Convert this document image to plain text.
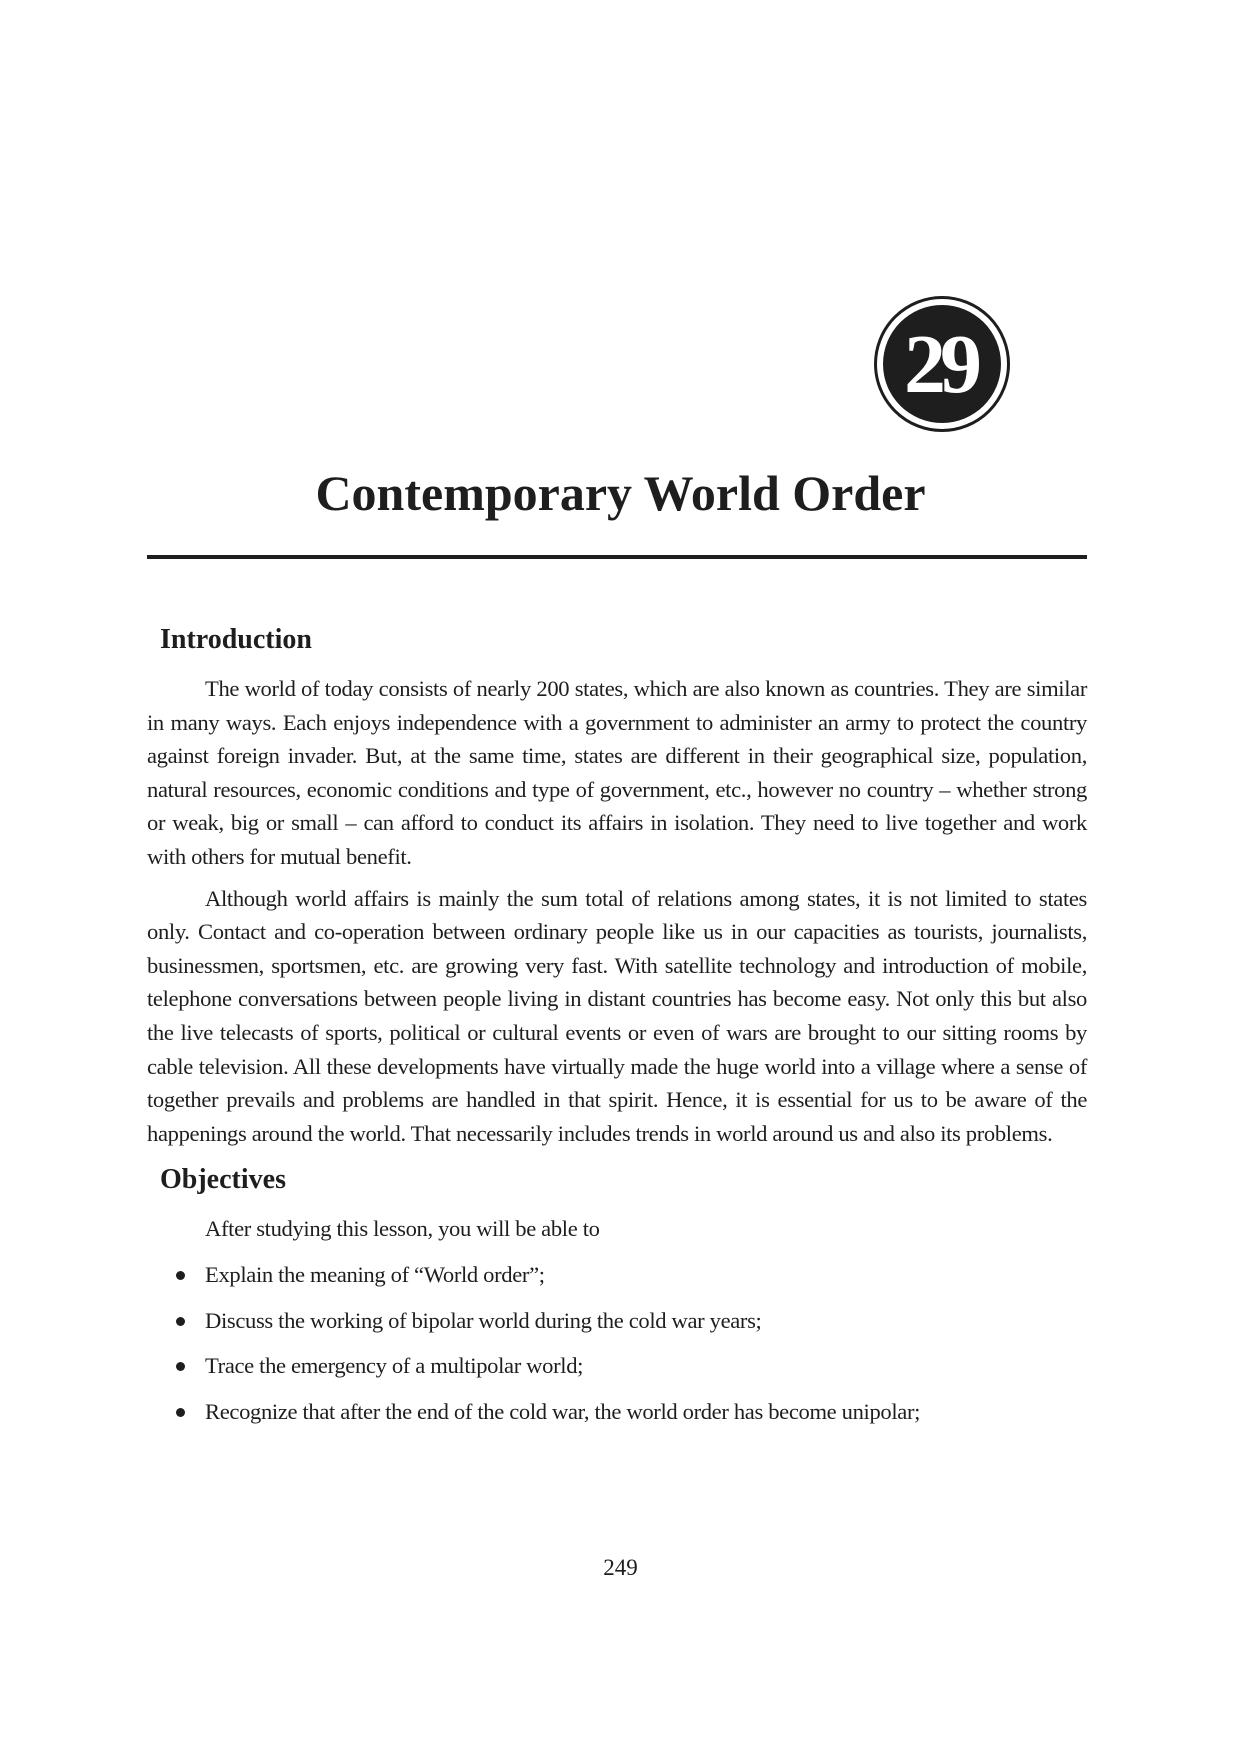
29
Contemporary World Order
Introduction

The world of today consists of nearly 200 states, which are also known as countries. They are similar in many ways. Each enjoys independence with a government to administer an army to protect the country against foreign invader. But, at the same time, states are different in their geographical size, population, natural resources, economic conditions and type of government, etc., however no country – whether strong or weak, big or small – can afford to conduct its affairs in isolation. They need to live together and work with others for mutual benefit.

Although world affairs is mainly the sum total of relations among states, it is not limited to states only. Contact and co-operation between ordinary people like us in our capacities as tourists, journalists, businessmen, sportsmen, etc. are growing very fast. With satellite technology and introduction of mobile, telephone conversations between people living in distant countries has become easy. Not only this but also the live telecasts of sports, political or cultural events or even of wars are brought to our sitting rooms by cable television. All these developments have virtually made the huge world into a village where a sense of together prevails and problems are handled in that spirit. Hence, it is essential for us to be aware of the happenings around the world. That necessarily includes trends in world around us and also its problems.

Objectives

After studying this lesson, you will be able to

Explain the meaning of “World order”;
Discuss the working of bipolar world during the cold war years;
Trace the emergency of a multipolar world;
Recognize that after the end of the cold war, the world order has become unipolar;
249
